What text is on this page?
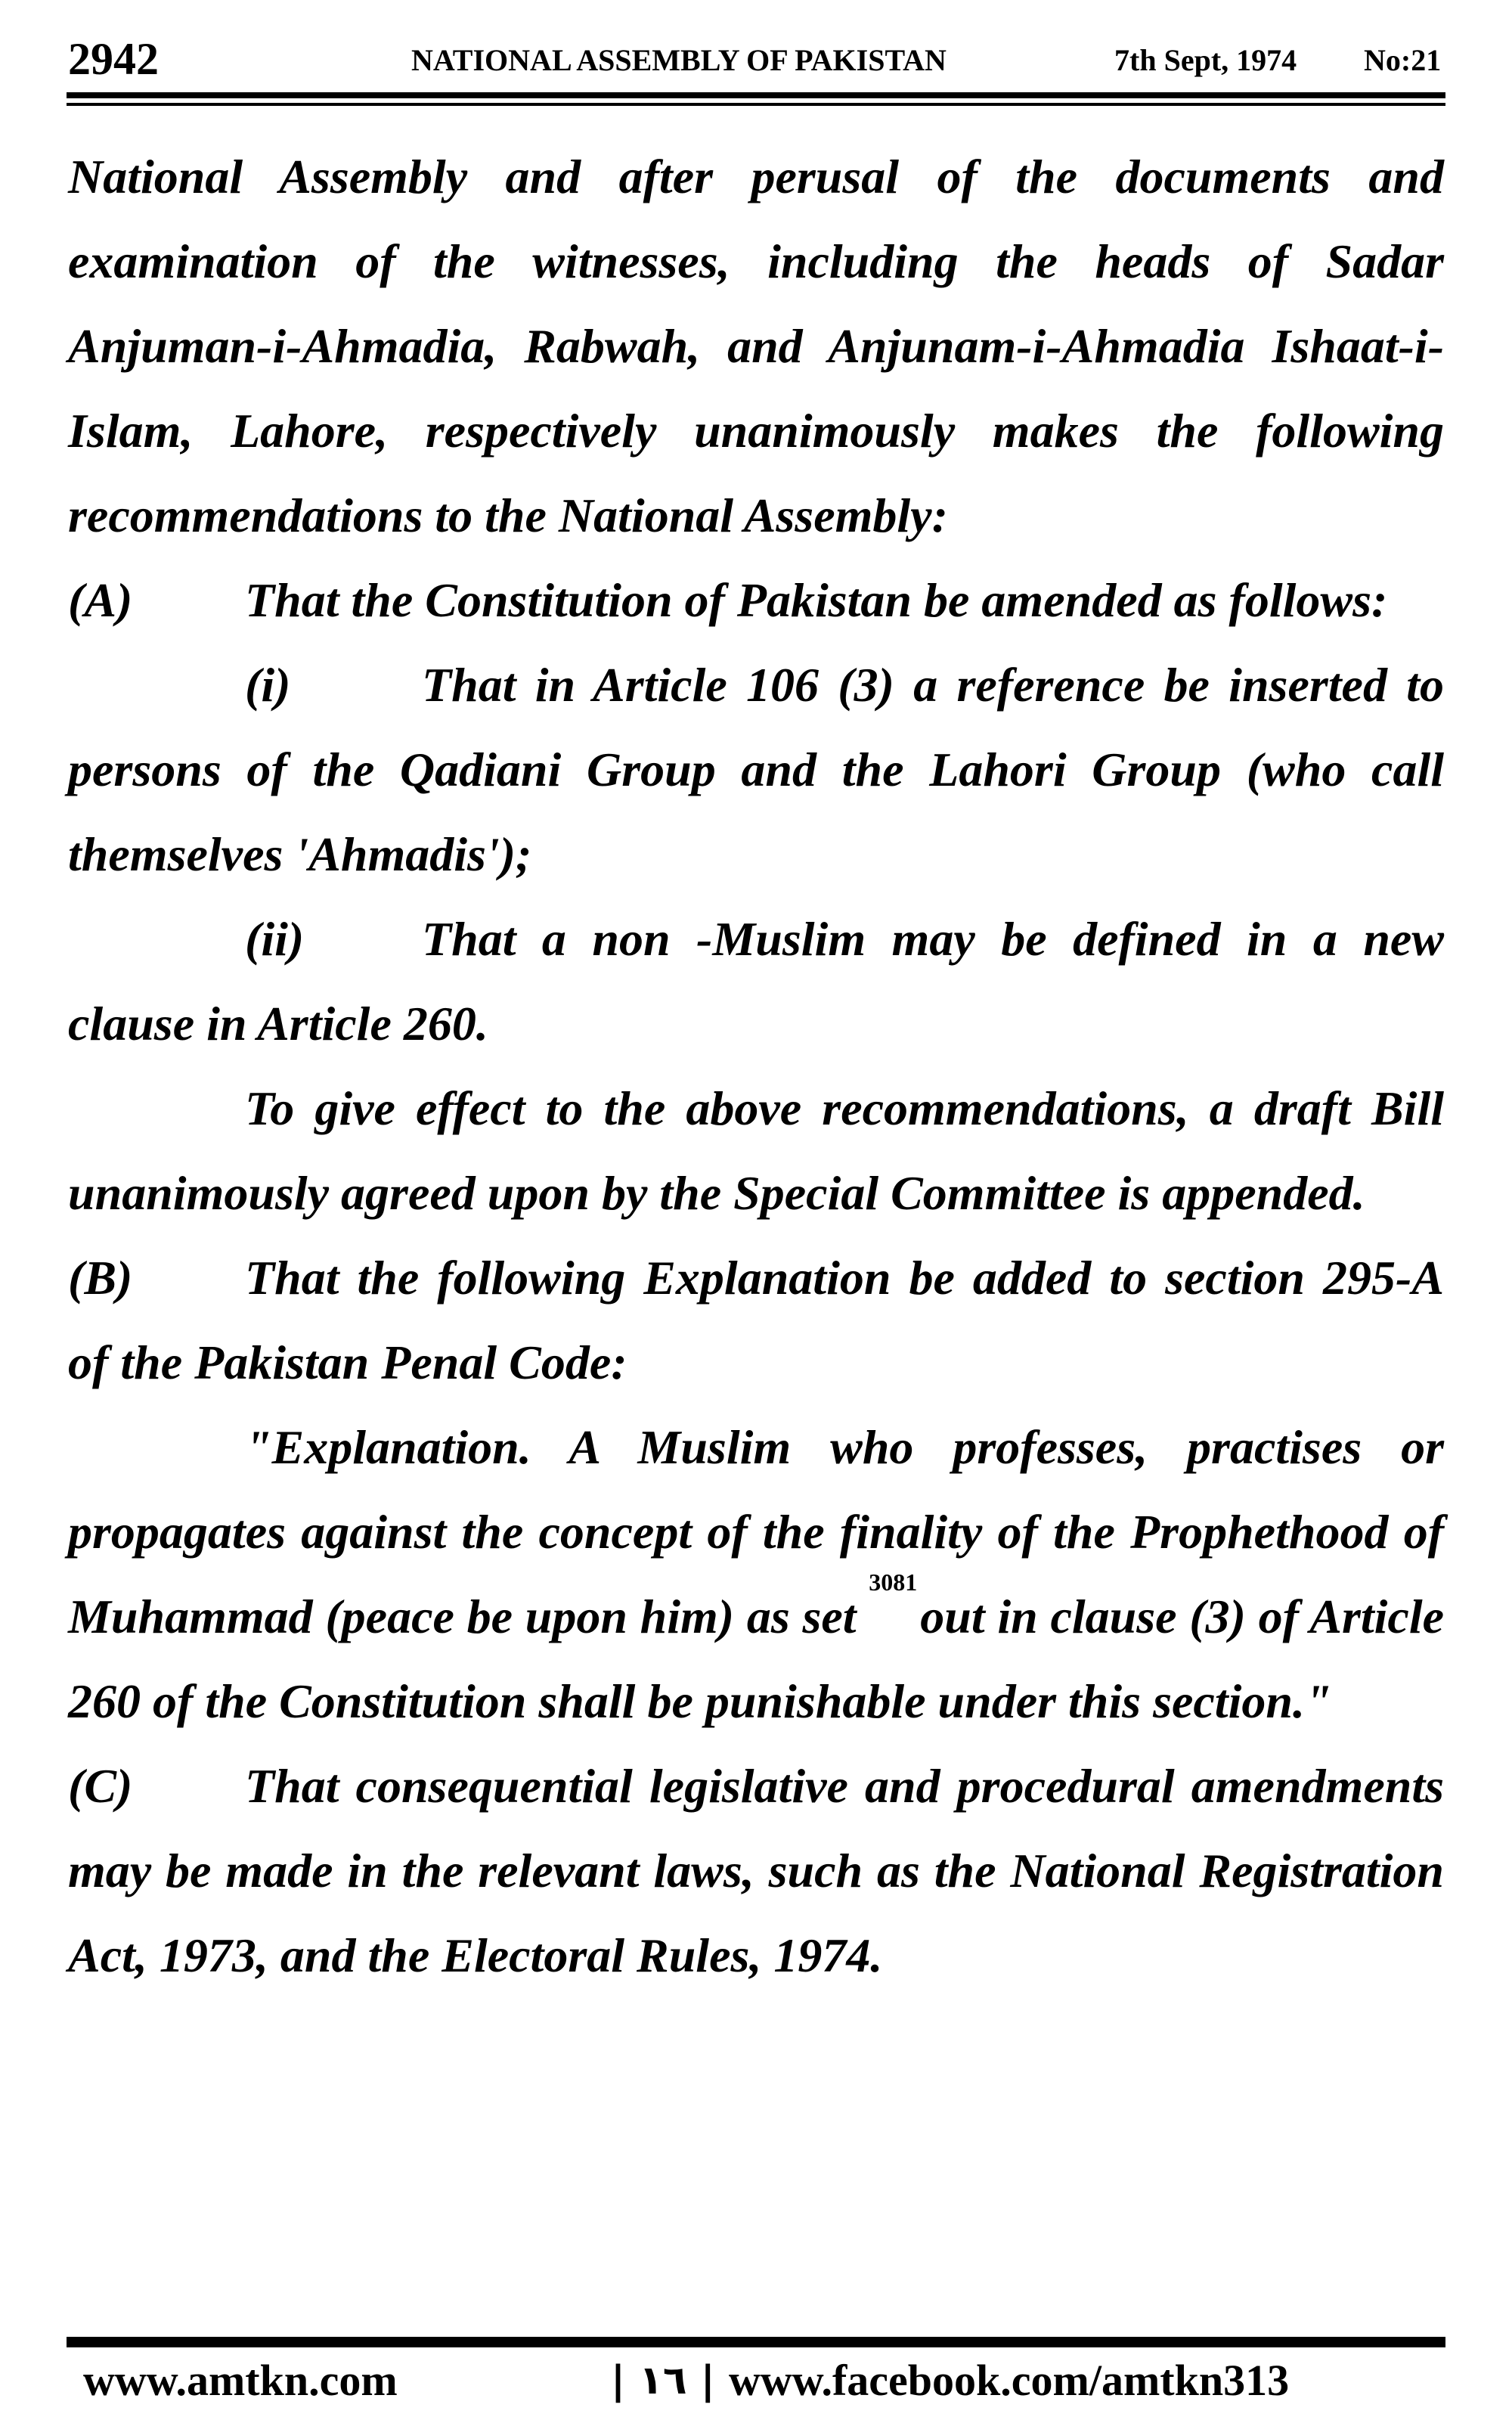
2942	NATIONAL ASSEMBLY OF PAKISTAN	7th Sept, 1974 No:21

National Assembly and after perusal of the documents and examination of the witnesses, including the heads of Sadar Anjuman-i-Ahmadia, Rabwah, and Anjunam-i-Ahmadia Ishaat-i-Islam, Lahore, respectively unanimously makes the following recommendations to the National Assembly:

(A) That the Constitution of Pakistan be amended as follows:

(i)	That in Article 106 (3) a reference be inserted to persons of the Qadiani Group and the Lahori Group (who call themselves 'Ahmadis');

(ii) That a non -Muslim may be defined in a new clause in Article 260.

To give effect to the above recommendations, a draft Bill unanimously agreed upon by the Special Committee is appended.

(B) That the following Explanation be added to section 295-A of the Pakistan Penal Code:

"Explanation. A Muslim who professes, practises or propagates against the concept of the finality of the Prophethood of Muhammad (peace be upon him) as set $^{3081}$out in clause (3) of Article 260 of the Constitution shall be punishable under this section."

(C) That consequential legislative and procedural amendments may be made in the relevant laws, such as the National Registration Act, 1973, and the Electoral Rules, 1974.

www.amtkn.com	| ١٦ | www.facebook.com/amtkn313
